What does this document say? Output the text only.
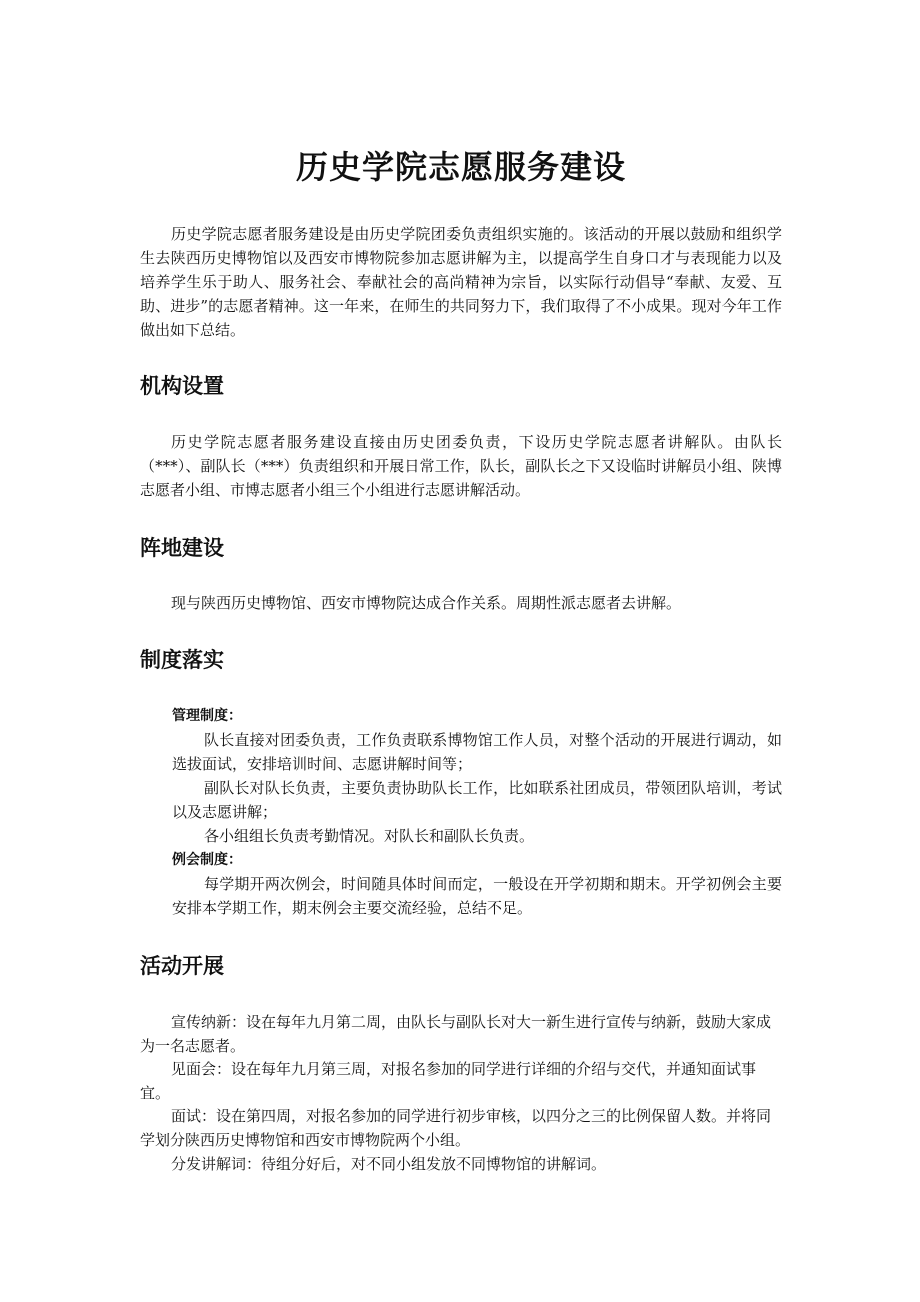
历史学院志愿服务建设

历史学院志愿者服务建设是由历史学院团委负责组织实施的。该活动的开展以鼓励和组织学生去陕西历史博物馆以及西安市博物院参加志愿讲解为主，以提高学生自身口才与表现能力以及培养学生乐于助人、服务社会、奉献社会的高尚精神为宗旨，以实际行动倡导“奉献、友爱、互助、进步”的志愿者精神。这一年来，在师生的共同努力下，我们取得了不小成果。现对今年工作做出如下总结。

机构设置

历史学院志愿者服务建设直接由历史团委负责，下设历史学院志愿者讲解队。由队长（***）、副队长（***）负责组织和开展日常工作，队长，副队长之下又设临时讲解员小组、陕博志愿者小组、市博志愿者小组三个小组进行志愿讲解活动。

阵地建设

现与陕西历史博物馆、西安市博物院达成合作关系。周期性派志愿者去讲解。

制度落实

管理制度：

队长直接对团委负责，工作负责联系博物馆工作人员，对整个活动的开展进行调动，如选拔面试，安排培训时间、志愿讲解时间等；

副队长对队长负责，主要负责协助队长工作，比如联系社团成员，带领团队培训，考试以及志愿讲解；

各小组组长负责考勤情况。对队长和副队长负责。

例会制度：

每学期开两次例会，时间随具体时间而定，一般设在开学初期和期末。开学初例会主要安排本学期工作，期末例会主要交流经验，总结不足。

活动开展

宣传纳新：设在每年九月第二周，由队长与副队长对大一新生进行宣传与纳新，鼓励大家成为一名志愿者。

见面会：设在每年九月第三周，对报名参加的同学进行详细的介绍与交代，并通知面试事宜。

面试：设在第四周，对报名参加的同学进行初步审核，以四分之三的比例保留人数。并将同学划分陕西历史博物馆和西安市博物院两个小组。

分发讲解词：待组分好后，对不同小组发放不同博物馆的讲解词。
